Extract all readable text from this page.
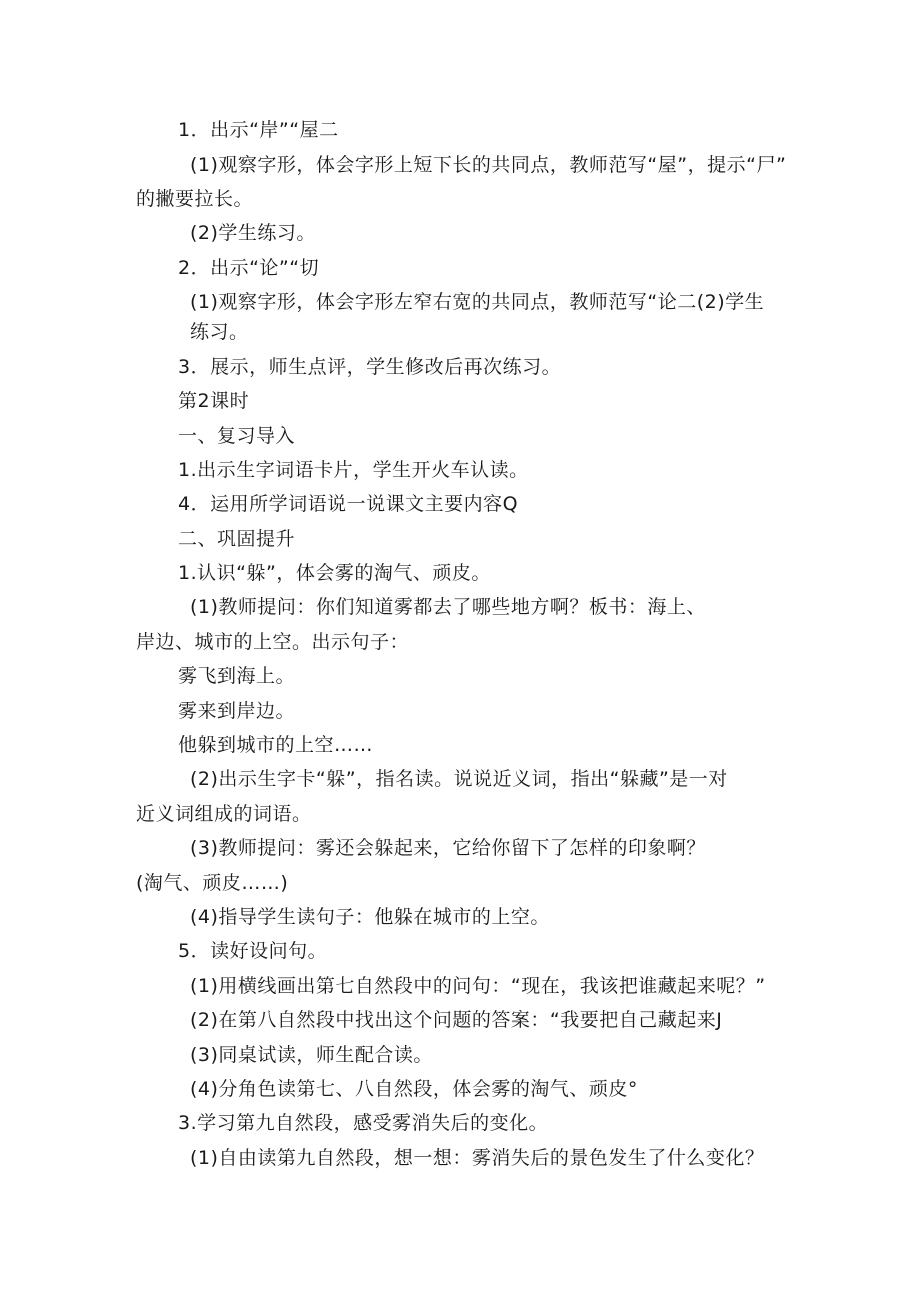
1．出示“岸”“屋二
(1)观察字形，体会字形上短下长的共同点，教师范写“屋”，提示“尸”
的撇要拉长。
(2)学生练习。
2．出示“论”“切
(1)观察字形，体会字形左窄右宽的共同点，教师范写“论二(2)学生
练习。
3．展示，师生点评，学生修改后再次练习。
第2课时
一、复习导入
1.出示生字词语卡片，学生开火车认读。
4．运用所学词语说一说课文主要内容Q
二、巩固提升
1.认识“躲”，体会雾的淘气、顽皮。
(1)教师提问：你们知道雾都去了哪些地方啊？板书：海上、
岸边、城市的上空。出示句子：
雾飞到海上。
雾来到岸边。
他躲到城市的上空……
(2)出示生字卡“躲”，指名读。说说近义词，指出“躲藏”是一对
近义词组成的词语。
(3)教师提问：雾还会躲起来，它给你留下了怎样的印象啊？
(淘气、顽皮……)
(4)指导学生读句子：他躲在城市的上空。
5．读好设问句。
(1)用横线画出第七自然段中的问句：“现在，我该把谁藏起来呢？”
(2)在第八自然段中找出这个问题的答案：“我要把自己藏起来J
(3)同桌试读，师生配合读。
(4)分角色读第七、八自然段，体会雾的淘气、顽皮°
3.学习第九自然段，感受雾消失后的变化。
(1)自由读第九自然段，想一想：雾消失后的景色发生了什么变化？
